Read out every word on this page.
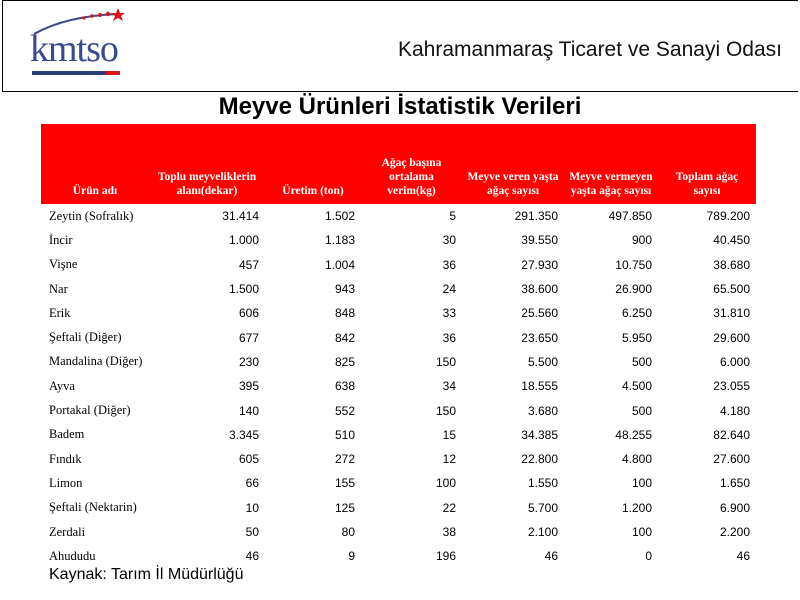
kmtso	Kahramanmaraş Ticaret ve Sanayi Odası
Meyve Ürünleri İstatistik Verileri
Ürün adı	Toplu meyveliklerin alanı(dekar)	Üretim (ton)	Ağaç başına ortalama verim(kg)	Meyve veren yaşta ağaç sayısı	Meyve vermeyen yaşta ağaç sayısı	Toplam ağaç sayısı
Zeytin (Sofralık)	31.414	1.502	5	291.350	497.850	789.200
İncir	1.000	1.183	30	39.550	900	40.450
Vişne	457	1.004	36	27.930	10.750	38.680
Nar	1.500	943	24	38.600	26.900	65.500
Erik	606	848	33	25.560	6.250	31.810
Şeftali (Diğer)	677	842	36	23.650	5.950	29.600
Mandalina (Diğer)	230	825	150	5.500	500	6.000
Ayva	395	638	34	18.555	4.500	23.055
Portakal (Diğer)	140	552	150	3.680	500	4.180
Badem	3.345	510	15	34.385	48.255	82.640
Fındık	605	272	12	22.800	4.800	27.600
Limon	66	155	100	1.550	100	1.650
Şeftali (Nektarin)	10	125	22	5.700	1.200	6.900
Zerdali	50	80	38	2.100	100	2.200
Ahududu	46	9	196	46	0	46
Kaynak: Tarım İl Müdürlüğü
